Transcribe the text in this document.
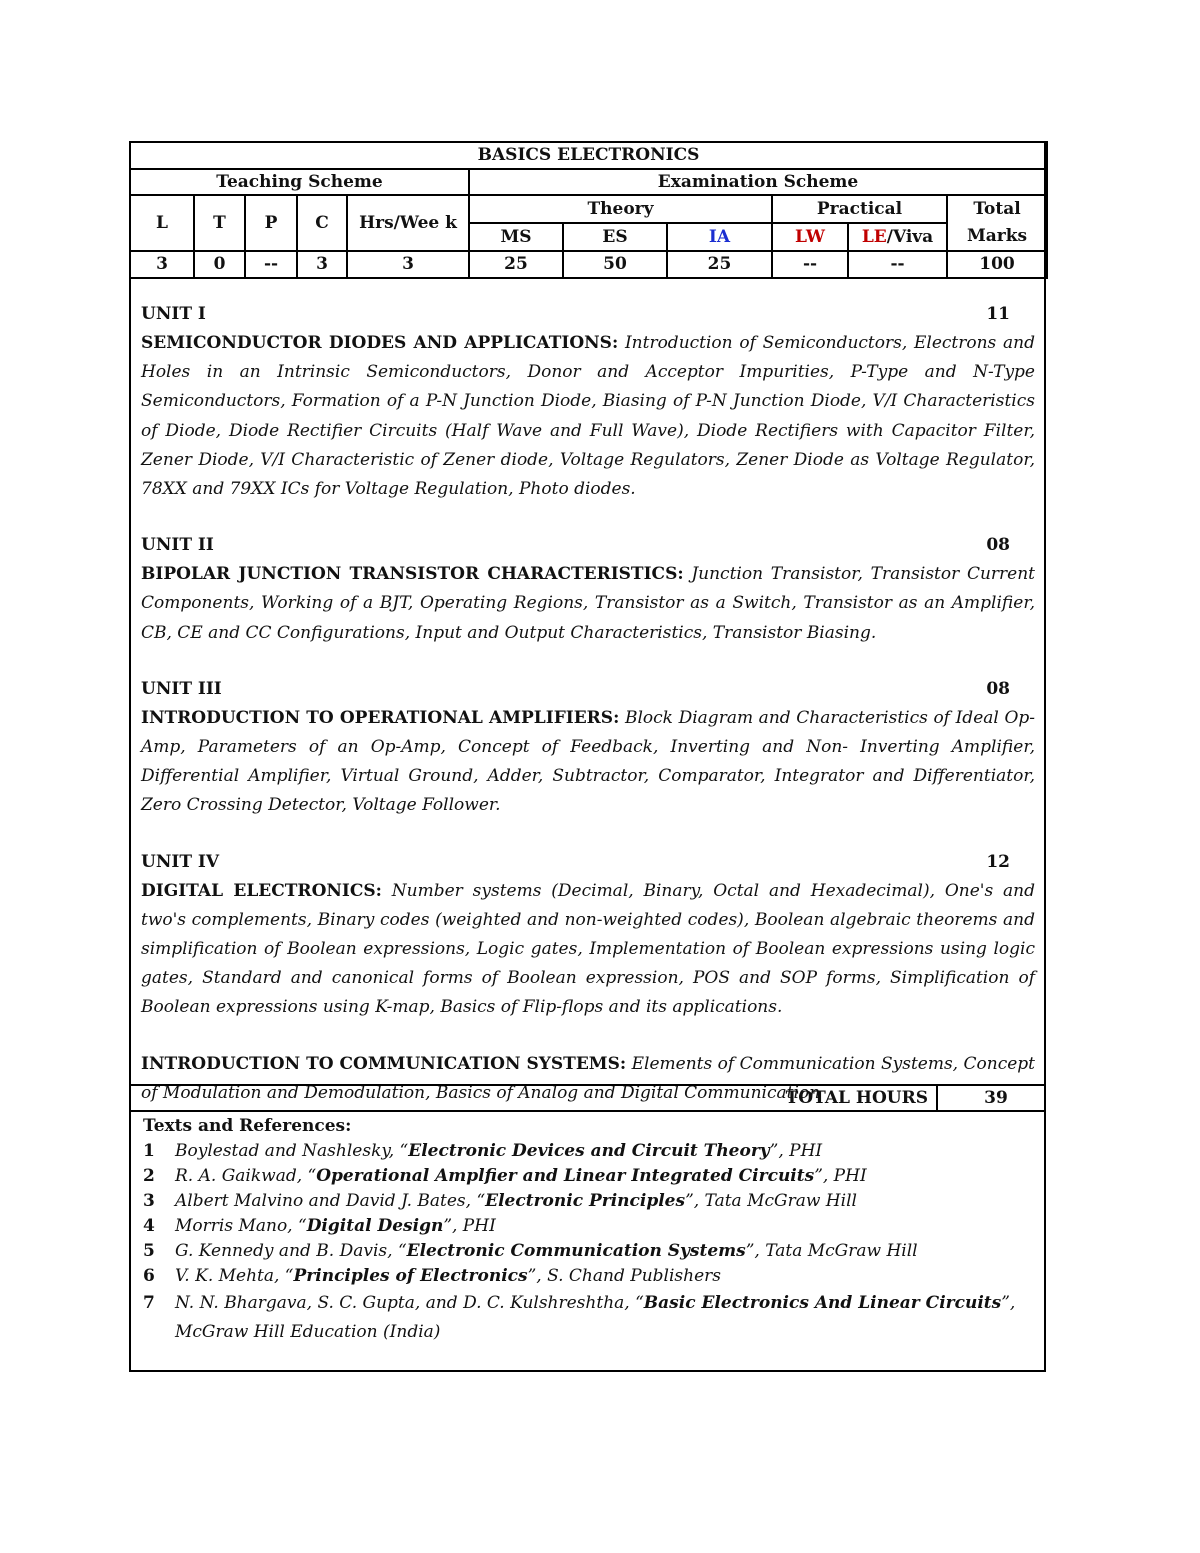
BASICS ELECTRONICS										
Teaching Scheme					Examination Scheme					
L	T	P	C	Hrs/Wee k	Theory			Practical		Total Marks
					MS	ES	IA	LW	LE/Viva	
3	0	--	3	3	25	50	25	--	--	100
UNIT I	11
SEMICONDUCTOR DIODES AND APPLICATIONS: Introduction of Semiconductors, Electrons and Holes in an Intrinsic Semiconductors, Donor and Acceptor Impurities, P-Type and N-Type Semiconductors, Formation of a P-N Junction Diode, Biasing of P-N Junction Diode, V/I Characteristics of Diode, Diode Rectifier Circuits (Half Wave and Full Wave), Diode Rectifiers with Capacitor Filter, Zener Diode, V/I Characteristic of Zener diode, Voltage Regulators, Zener Diode as Voltage Regulator, 78XX and 79XX ICs for Voltage Regulation, Photo diodes.
UNIT II	08
BIPOLAR JUNCTION TRANSISTOR CHARACTERISTICS: Junction Transistor, Transistor Current Components, Working of a BJT, Operating Regions, Transistor as a Switch, Transistor as an Amplifier, CB, CE and CC Configurations, Input and Output Characteristics, Transistor Biasing.
UNIT III	08
INTRODUCTION TO OPERATIONAL AMPLIFIERS: Block Diagram and Characteristics of Ideal Op-Amp, Parameters of an Op-Amp, Concept of Feedback, Inverting and Non- Inverting Amplifier, Differential Amplifier, Virtual Ground, Adder, Subtractor, Comparator, Integrator and Differentiator, Zero Crossing Detector, Voltage Follower.
UNIT IV	12
DIGITAL ELECTRONICS: Number systems (Decimal, Binary, Octal and Hexadecimal), One's and two's complements, Binary codes (weighted and non-weighted codes), Boolean algebraic theorems and simplification of Boolean expressions, Logic gates, Implementation of Boolean expressions using logic gates, Standard and canonical forms of Boolean expression, POS and SOP forms, Simplification of Boolean expressions using K-map, Basics of Flip-flops and its applications.
INTRODUCTION TO COMMUNICATION SYSTEMS: Elements of Communication Systems, Concept of Modulation and Demodulation, Basics of Analog and Digital Communication
TOTAL HOURS	39
Texts and References:
1	Boylestad and Nashlesky, “Electronic Devices and Circuit Theory”, PHI
2	R. A. Gaikwad, “Operational Amplfier and Linear Integrated Circuits”, PHI
3	Albert Malvino and David J. Bates, “Electronic Principles”, Tata McGraw Hill
4	Morris Mano, “Digital Design”, PHI
5	G. Kennedy and B. Davis, “Electronic Communication Systems”, Tata McGraw Hill
6	V. K. Mehta, “Principles of Electronics”, S. Chand Publishers
7	N. N. Bhargava, S. C. Gupta, and D. C. Kulshreshtha, “Basic Electronics And Linear Circuits”, McGraw Hill Education (India)
